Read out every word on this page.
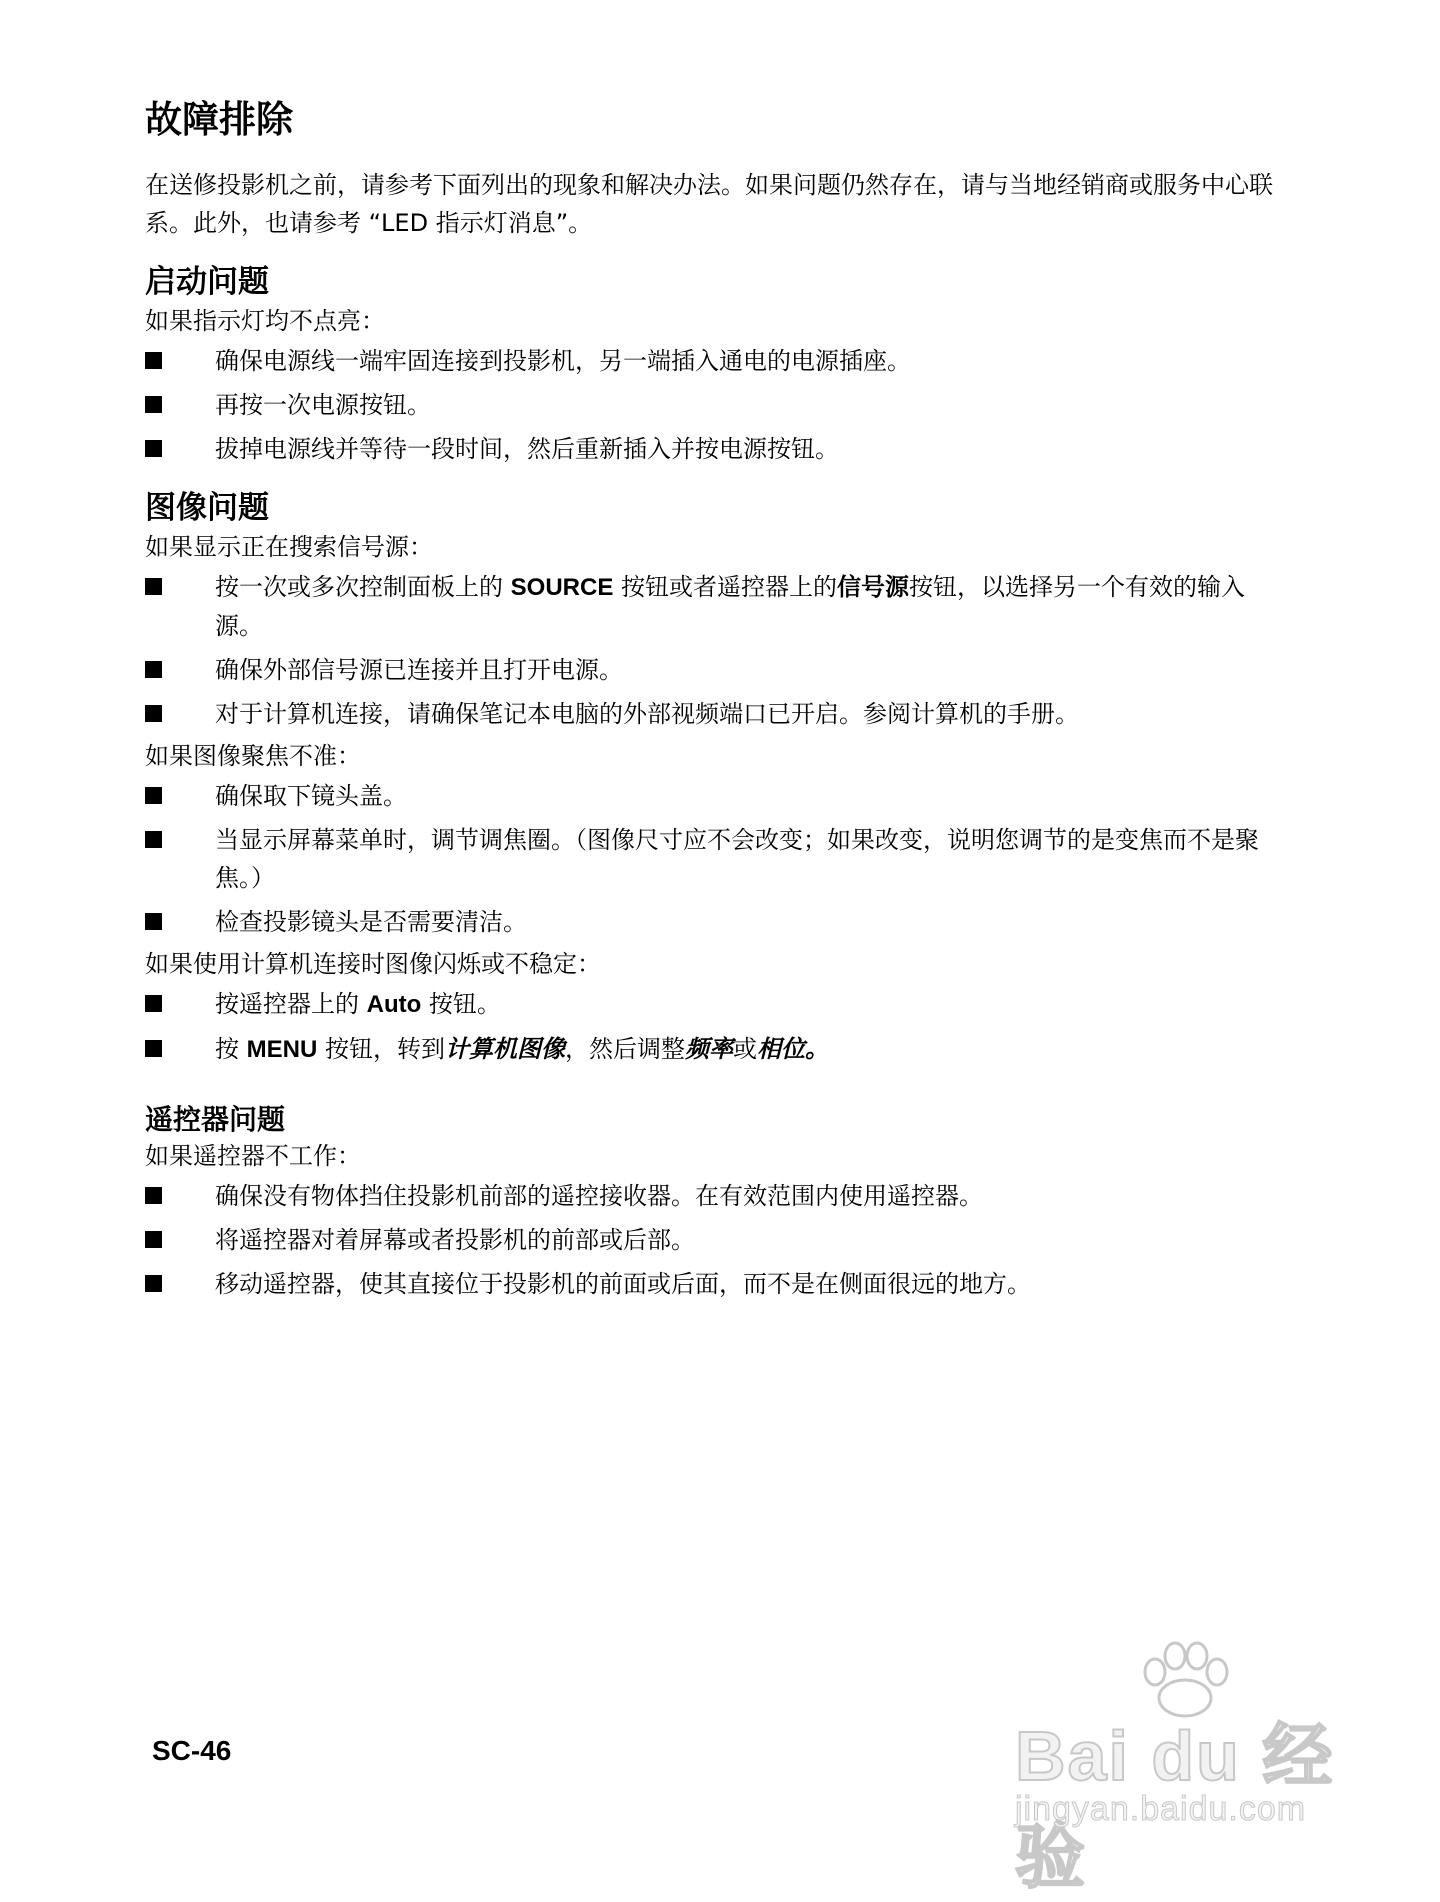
故障排除

在送修投影机之前，请参考下面列出的现象和解决办法。如果问题仍然存在，请与当地经销商或服务中心联系。此外，也请参考 “LED 指示灯消息”。

启动问题
如果指示灯均不点亮：
确保电源线一端牢固连接到投影机，另一端插入通电的电源插座。
再按一次电源按钮。
拔掉电源线并等待一段时间，然后重新插入并按电源按钮。
图像问题
如果显示正在搜索信号源：
按一次或多次控制面板上的 SOURCE 按钮或者遥控器上的信号源按钮，以选择另一个有效的输入源。
确保外部信号源已连接并且打开电源。
对于计算机连接，请确保笔记本电脑的外部视频端口已开启。参阅计算机的手册。
如果图像聚焦不准：
确保取下镜头盖。
当显示屏幕菜单时，调节调焦圈。（图像尺寸应不会改变；如果改变，说明您调节的是变焦而不是聚焦。）
检查投影镜头是否需要清洁。
如果使用计算机连接时图像闪烁或不稳定：
按遥控器上的 Auto 按钮。
按 MENU 按钮，转到计算机图像，然后调整频率或相位。
遥控器问题
如果遥控器不工作：
确保没有物体挡住投影机前部的遥控接收器。在有效范围内使用遥控器。
将遥控器对着屏幕或者投影机的前部或后部。
移动遥控器，使其直接位于投影机的前面或后面，而不是在侧面很远的地方。
SC-46	Bai du 经验
jingyan.baidu.com
